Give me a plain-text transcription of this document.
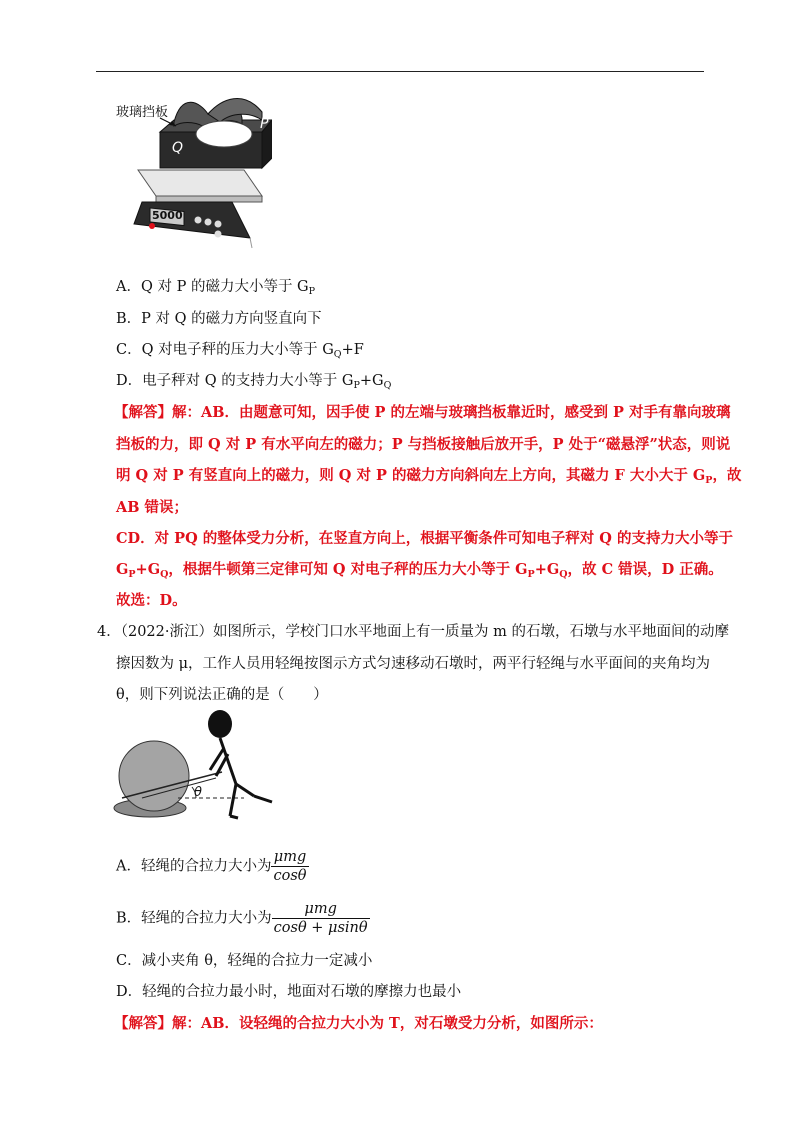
5000
Q
P
玻璃挡板
A．Q 对 P 的磁力大小等于 $G_P$
B．P 对 Q 的磁力方向竖直向下
C．Q 对电子秤的压力大小等于 $G_Q+F$
D．电子秤对 Q 的支持力大小等于 $G_P+G_Q$
【解答】解：AB．由题意可知，因手使 P 的左端与玻璃挡板靠近时，感受到 P 对手有靠向玻璃
挡板的力，即 Q 对 P 有水平向左的磁力；P 与挡板接触后放开手，P 处于“磁悬浮”状态，则说
明 Q 对 P 有竖直向上的磁力，则 Q 对 P 的磁力方向斜向左上方向，其磁力 F 大小大于 $G_P$，故
AB 错误；
CD．对 PQ 的整体受力分析，在竖直方向上，根据平衡条件可知电子秤对 Q 的支持力大小等于
$G_P+G_Q$，根据牛顿第三定律可知 Q 对电子秤的压力大小等于 $G_P+G_Q$，故 C 错误，D 正确。
故选：D。
4．（2022·浙江）如图所示，学校门口水平地面上有一质量为 m 的石墩，石墩与水平地面间的动摩
擦因数为 μ，工作人员用轻绳按图示方式匀速移动石墩时，两平行轻绳与水平面间的夹角均为
θ，则下列说法正确的是（　　）
θ
A．轻绳的合拉力大小为 $\frac{\text{μmg}}{\cos\theta}$
B．轻绳的合拉力大小为 $\frac{\text{μmg}}{\cos\theta + \mu\sin\theta}$
C．减小夹角 θ，轻绳的合拉力一定减小
D．轻绳的合拉力最小时，地面对石墩的摩擦力也最小
【解答】解：AB．设轻绳的合拉力大小为 T，对石墩受力分析，如图所示：
